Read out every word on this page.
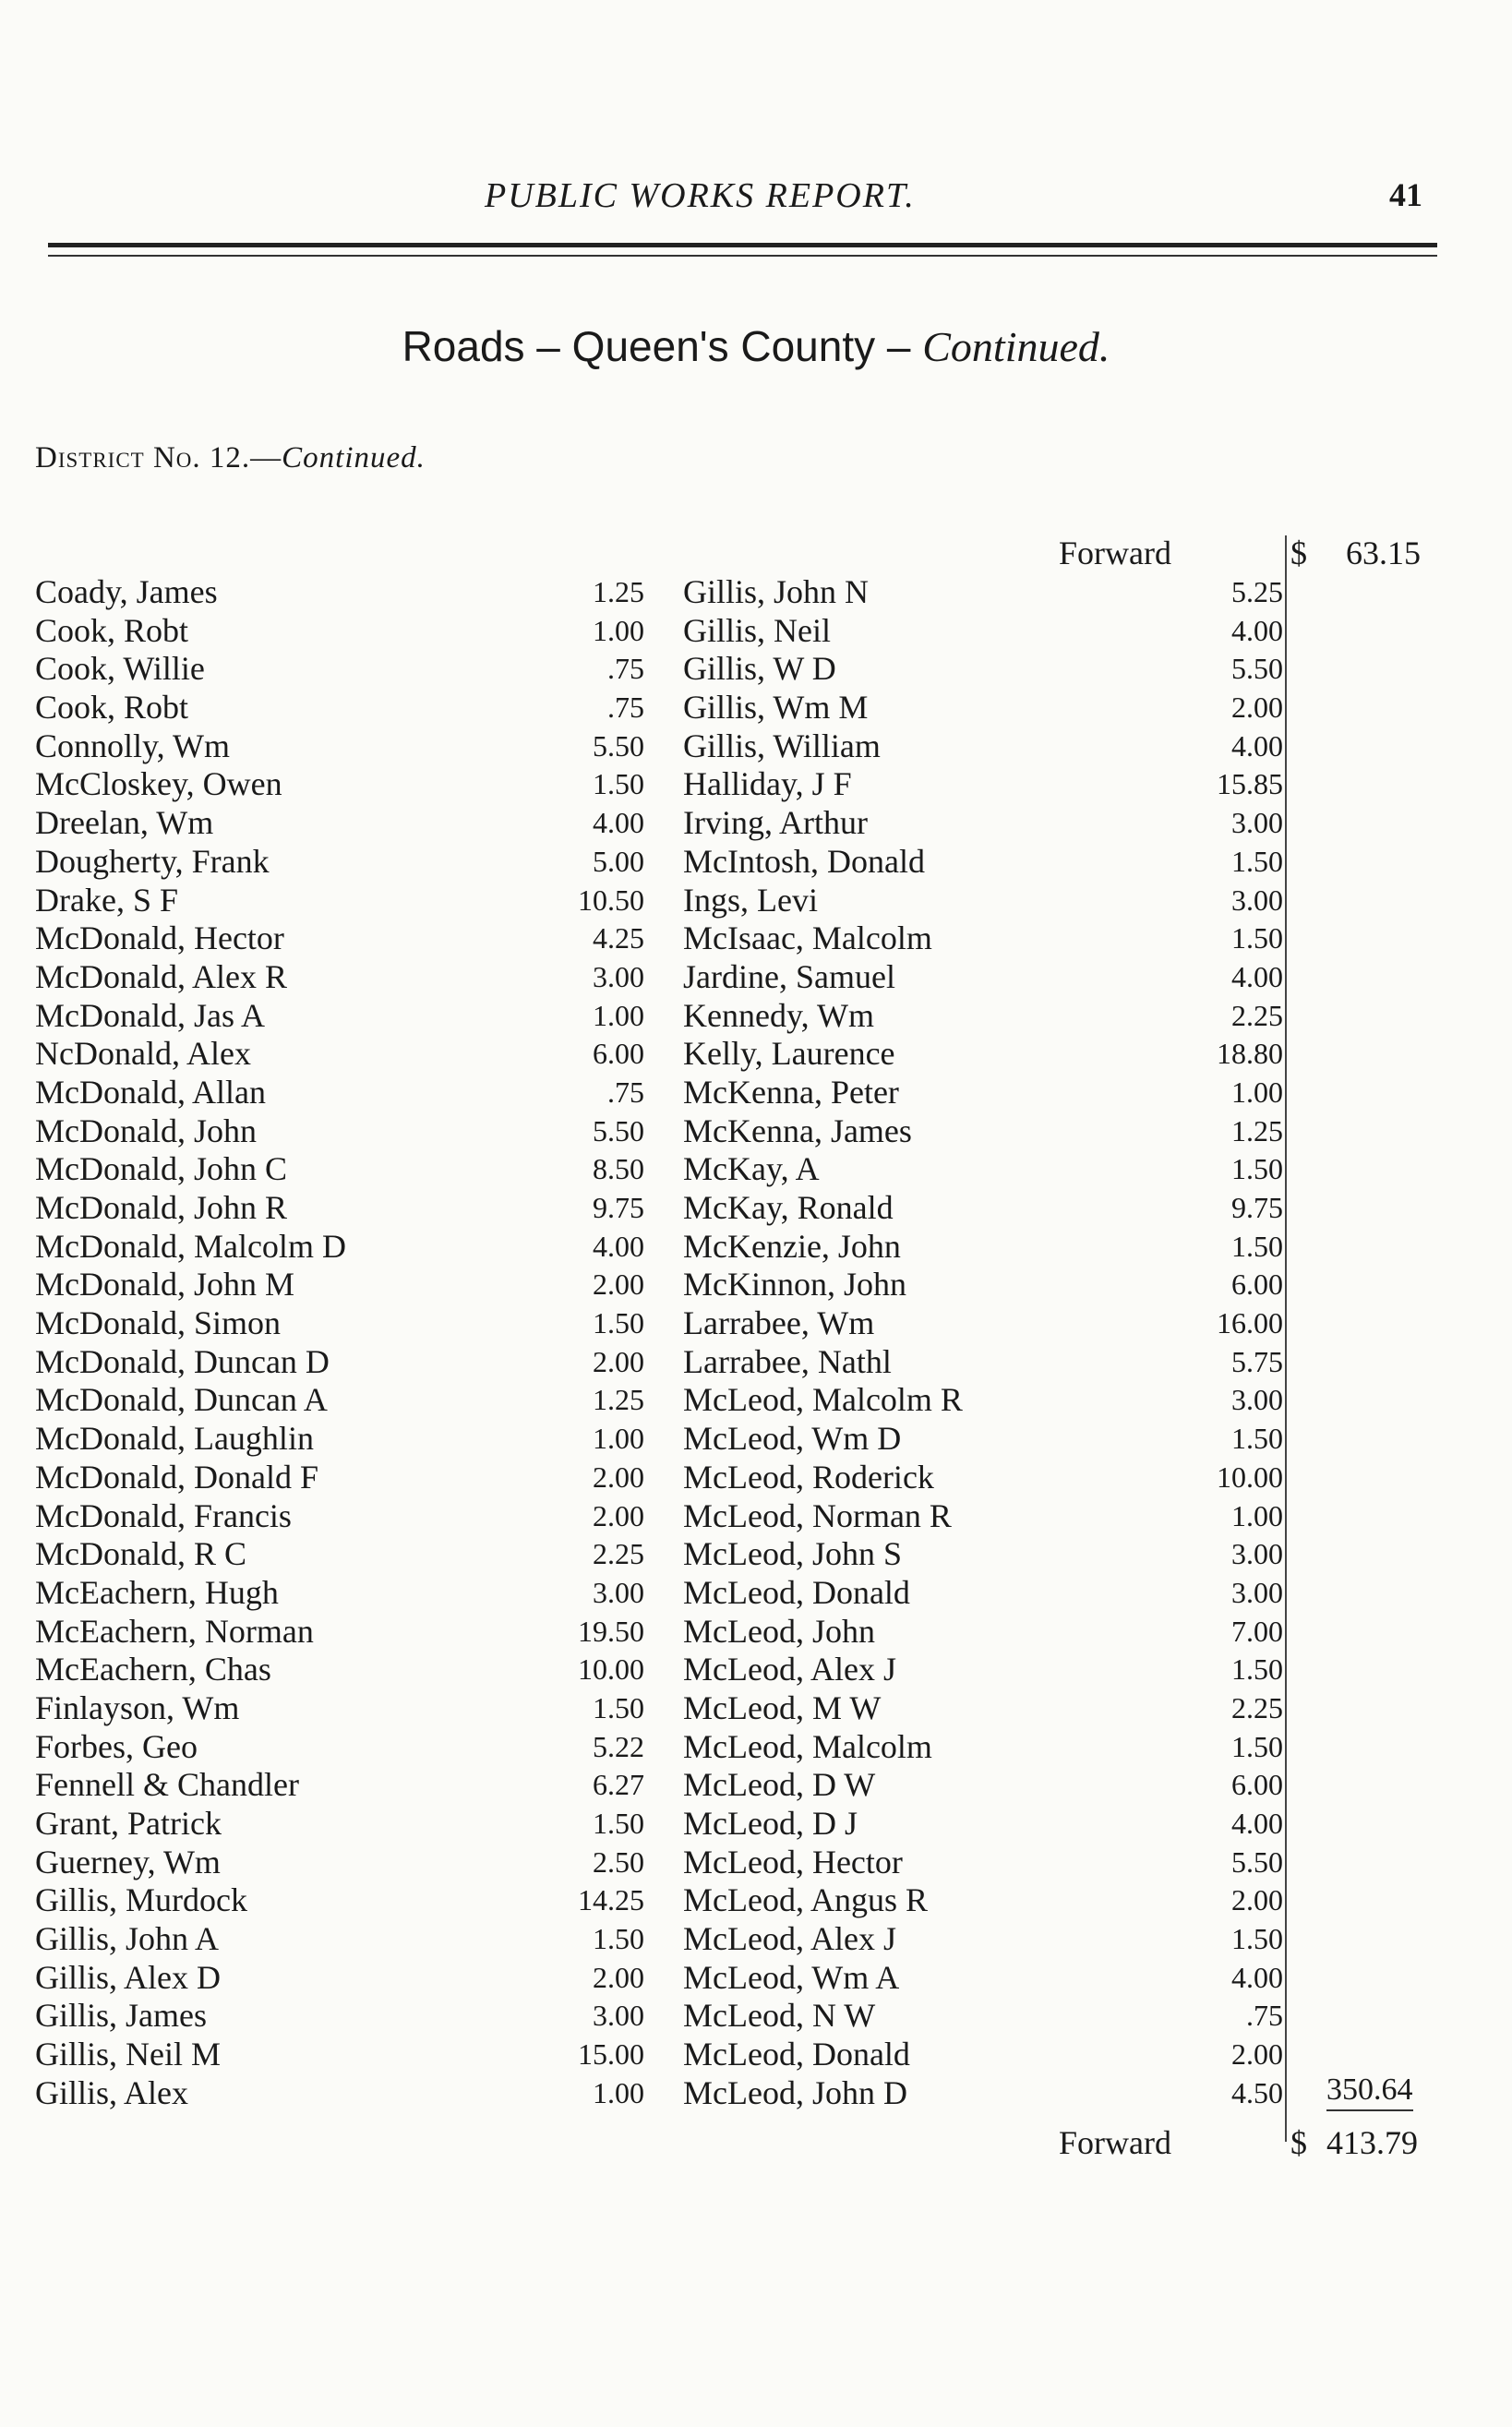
PUBLIC WORKS REPORT.	41
Roads – Queen's County – Continued.
District No. 12.—Continued.
Forward	$ 63.15
Coady, James	1.25
Cook, Robt	1.00
Cook, Willie	.75
Cook, Robt	.75
Connolly, Wm	5.50
McCloskey, Owen	1.50
Dreelan, Wm	4.00
Dougherty, Frank	5.00
Drake, S F	10.50
McDonald, Hector	4.25
McDonald, Alex R	3.00
McDonald, Jas A	1.00
NcDonald, Alex	6.00
McDonald, Allan	.75
McDonald, John	5.50
McDonald, John C	8.50
McDonald, John R	9.75
McDonald, Malcolm D	4.00
McDonald, John M	2.00
McDonald, Simon	1.50
McDonald, Duncan D	2.00
McDonald, Duncan A	1.25
McDonald, Laughlin	1.00
McDonald, Donald F	2.00
McDonald, Francis	2.00
McDonald, R C	2.25
McEachern, Hugh	3.00
McEachern, Norman	19.50
McEachern, Chas	10.00
Finlayson, Wm	1.50
Forbes, Geo	5.22
Fennell & Chandler	6.27
Grant, Patrick	1.50
Guerney, Wm	2.50
Gillis, Murdock	14.25
Gillis, John A	1.50
Gillis, Alex D	2.00
Gillis, James	3.00
Gillis, Neil M	15.00
Gillis, Alex	1.00
Gillis, John N	5.25
Gillis, Neil	4.00
Gillis, W D	5.50
Gillis, Wm M	2.00
Gillis, William	4.00
Halliday, J F	15.85
Irving, Arthur	3.00
McIntosh, Donald	1.50
Ings, Levi	3.00
McIsaac, Malcolm	1.50
Jardine, Samuel	4.00
Kennedy, Wm	2.25
Kelly, Laurence	18.80
McKenna, Peter	1.00
McKenna, James	1.25
McKay, A	1.50
McKay, Ronald	9.75
McKenzie, John	1.50
McKinnon, John	6.00
Larrabee, Wm	16.00
Larrabee, Nathl	5.75
McLeod, Malcolm R	3.00
McLeod, Wm D	1.50
McLeod, Roderick	10.00
McLeod, Norman R	1.00
McLeod, John S	3.00
McLeod, Donald	3.00
McLeod, John	7.00
McLeod, Alex J	1.50
McLeod, M W	2.25
McLeod, Malcolm	1.50
McLeod, D W	6.00
McLeod, D J	4.00
McLeod, Hector	5.50
McLeod, Angus R	2.00
McLeod, Alex J	1.50
McLeod, Wm A	4.00
McLeod, N W	.75
McLeod, Donald	2.00
McLeod, John D	4.50 350.64
Forward	$ 413.79
